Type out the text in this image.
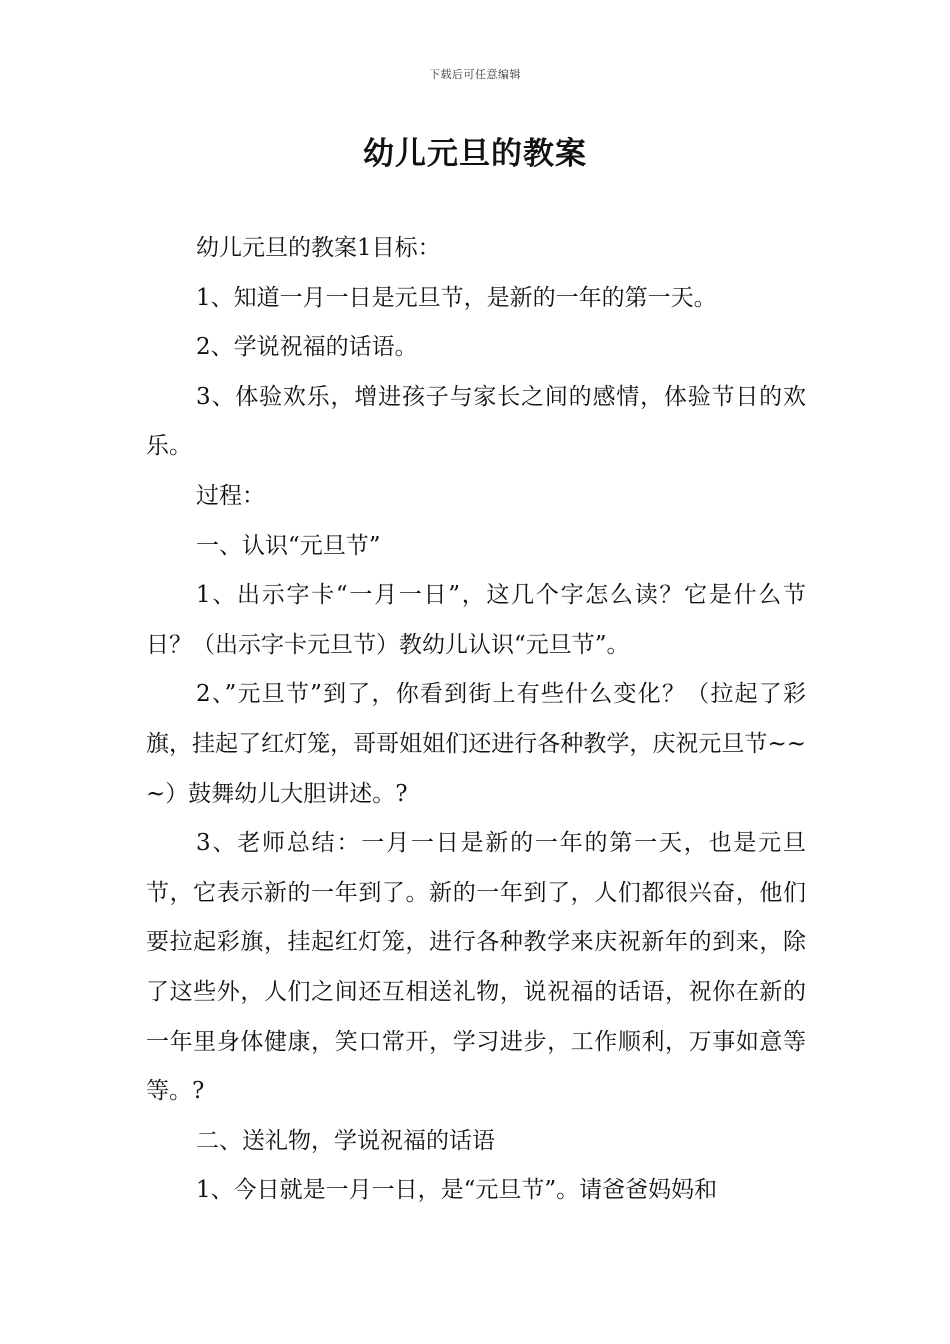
下载后可任意编辑
幼儿元旦的教案

幼儿元旦的教案1目标：

1、知道一月一日是元旦节，是新的一年的第一天。

2、学说祝福的话语。

3、体验欢乐，增进孩子与家长之间的感情，体验节日的欢乐。

过程：

一、认识“元旦节”

1、出示字卡“一月一日”，这几个字怎么读？它是什么节日？（出示字卡元旦节）教幼儿认识“元旦节”。

2、”元旦节”到了，你看到街上有些什么变化？（拉起了彩旗，挂起了红灯笼，哥哥姐姐们还进行各种教学，庆祝元旦节~~~）鼓舞幼儿大胆讲述。?

3、老师总结：一月一日是新的一年的第一天，也是元旦节，它表示新的一年到了。新的一年到了，人们都很兴奋，他们要拉起彩旗，挂起红灯笼，进行各种教学来庆祝新年的到来，除了这些外，人们之间还互相送礼物，说祝福的话语，祝你在新的一年里身体健康，笑口常开，学习进步，工作顺利，万事如意等等。?

二、送礼物，学说祝福的话语

1、今日就是一月一日，是“元旦节”。请爸爸妈妈和
